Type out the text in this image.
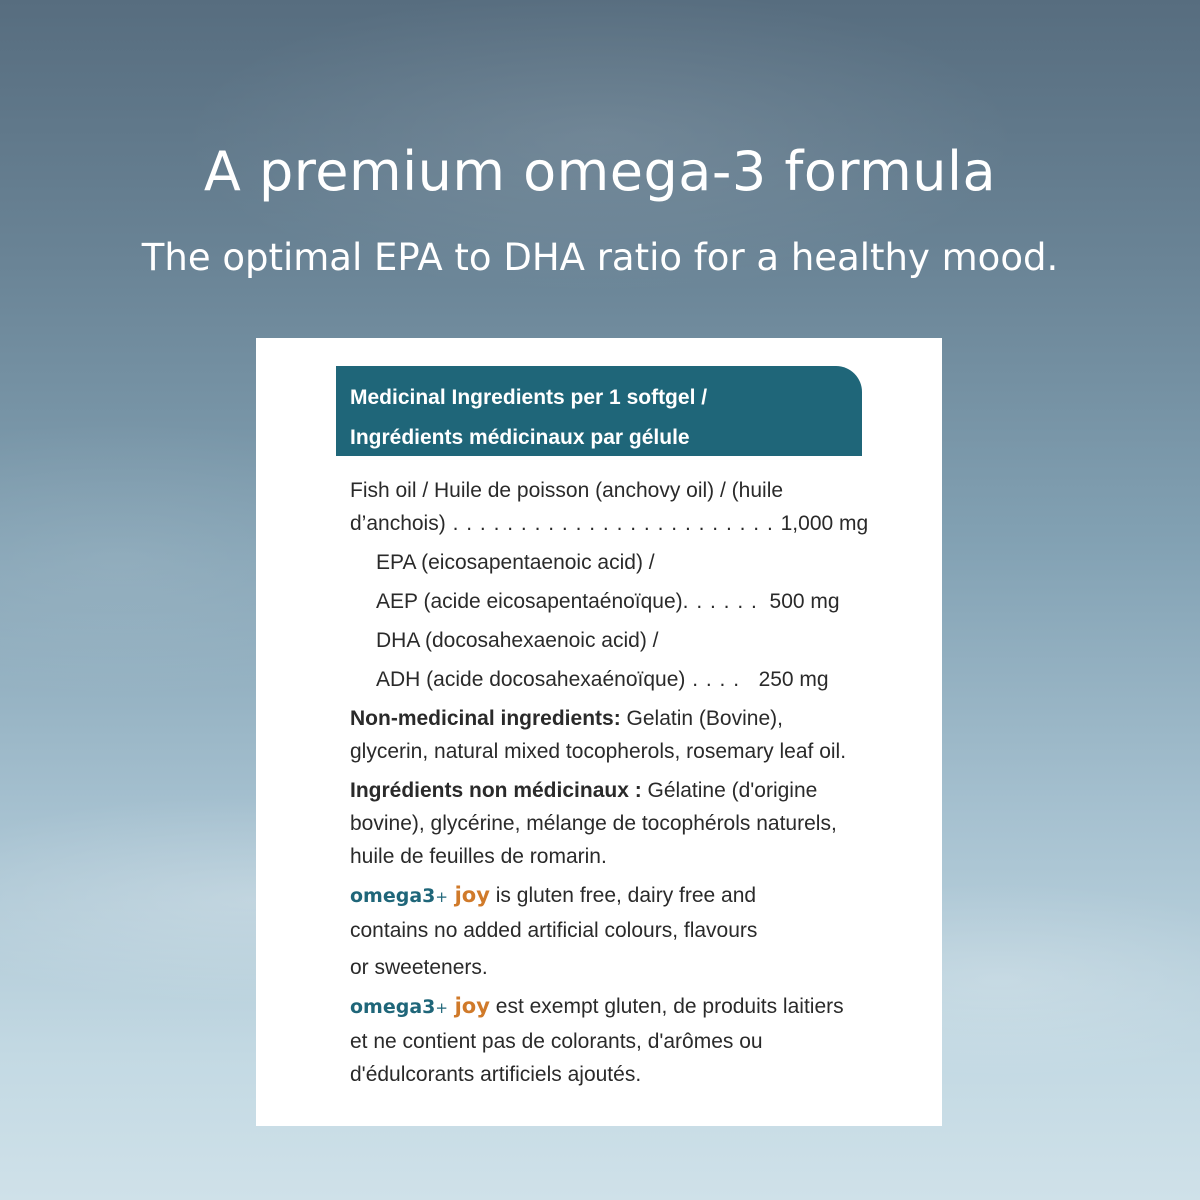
A premium omega-3 formula
The optimal EPA to DHA ratio for a healthy mood.
Medicinal Ingredients per 1 softgel /
Ingrédients médicinaux par gélule
Fish oil / Huile de poisson (anchovy oil) / (huile
d’anchois) . . . . . . . . . . . . . . . . . . . . . . . . 1,000 mg
EPA (eicosapentaenoic acid) /
AEP (acide eicosapentaénoïque). . . . . . 500 mg
DHA (docosahexaenoic acid) /
ADH (acide docosahexaénoïque) . . . .   250 mg
Non-medicinal ingredients: Gelatin (Bovine),
glycerin, natural mixed tocopherols, rosemary leaf oil.
Ingrédients non médicinaux : Gélatine (d'origine
bovine), glycérine, mélange de tocophérols naturels,
huile de feuilles de romarin.
omega3+ joy is gluten free, dairy free and
contains no added artificial colours, flavours
or sweeteners.
omega3+ joy est exempt gluten, de produits laitiers
et ne contient pas de colorants, d'arômes ou
d'édulcorants artificiels ajoutés.
